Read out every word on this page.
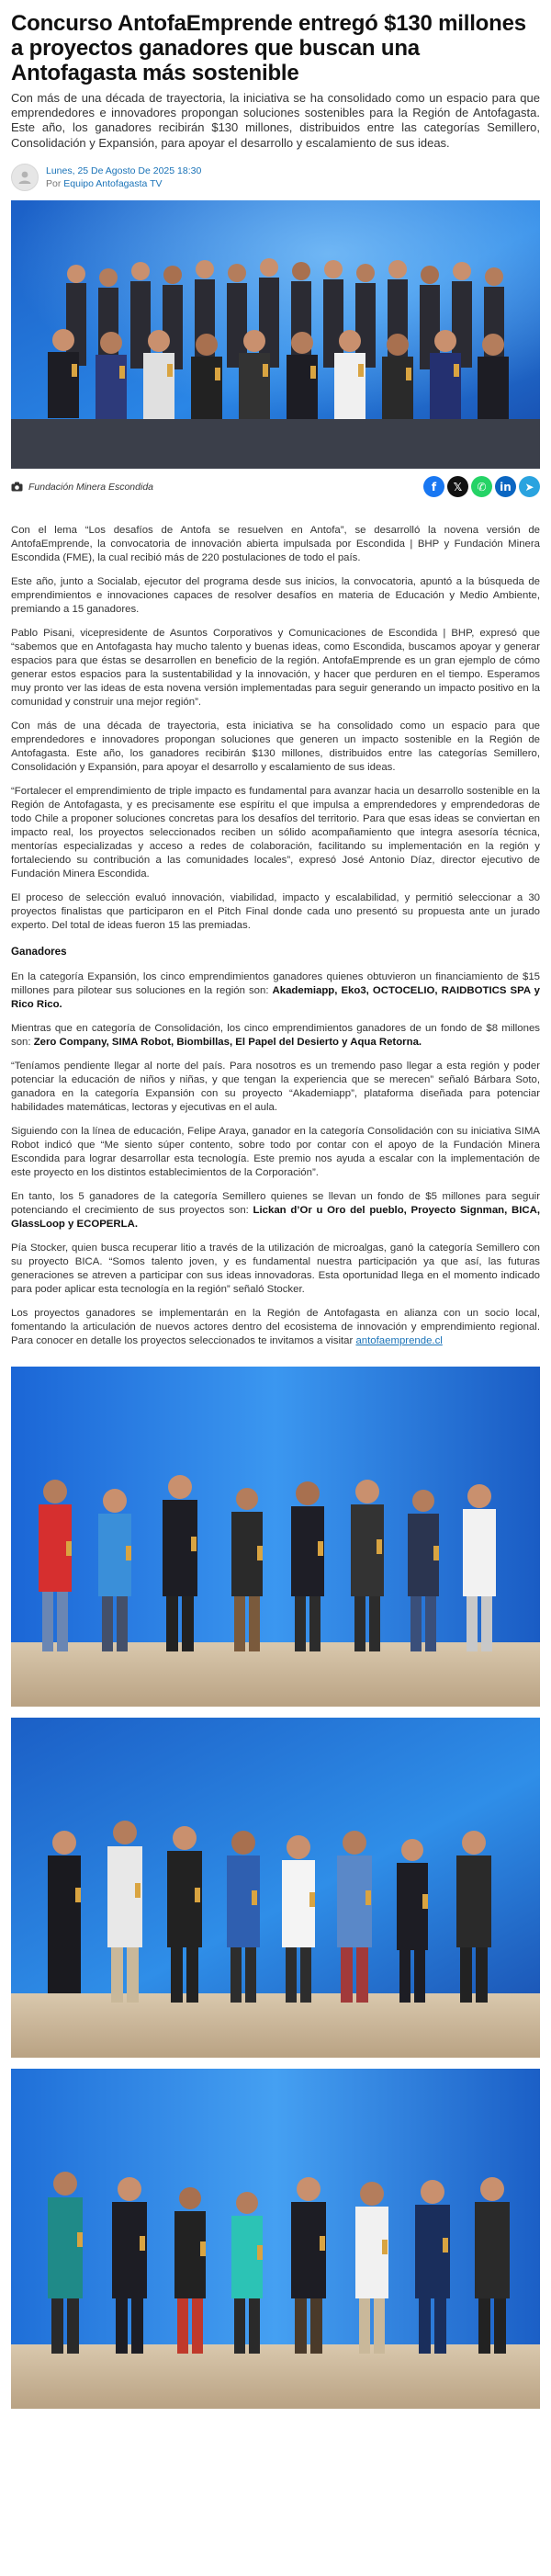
Concurso AntofaEmprende entregó $130 millones a proyectos ganadores que buscan una Antofagasta más sostenible

Con más de una década de trayectoria, la iniciativa se ha consolidado como un espacio para que emprendedores e innovadores propongan soluciones sostenibles para la Región de Antofagasta. Este año, los ganadores recibirán $130 millones, distribuidos entre las categorías Semillero, Consolidación y Expansión, para apoyar el desarrollo y escalamiento de sus ideas.

Lunes, 25 De Agosto De 2025 18:30
Por Equipo Antofagasta TV
Fundación Minera Escondida	f	𝕏	✆	in	➤

Con el lema “Los desafíos de Antofa se resuelven en Antofa”, se desarrolló la novena versión de AntofaEmprende, la convocatoria de innovación abierta impulsada por Escondida | BHP y Fundación Minera Escondida (FME), la cual recibió más de 220 postulaciones de todo el país.

Este año, junto a Socialab, ejecutor del programa desde sus inicios, la convocatoria, apuntó a la búsqueda de emprendimientos e innovaciones capaces de resolver desafíos en materia de Educación y Medio Ambiente, premiando a 15 ganadores.

Pablo Pisani, vicepresidente de Asuntos Corporativos y Comunicaciones de Escondida | BHP, expresó que “sabemos que en Antofagasta hay mucho talento y buenas ideas, como Escondida, buscamos apoyar y generar espacios para que éstas se desarrollen en beneficio de la región. AntofaEmprende es un gran ejemplo de cómo generar estos espacios para la sustentabilidad y la innovación, y hacer que perduren en el tiempo. Esperamos muy pronto ver las ideas de esta novena versión implementadas para seguir generando un impacto positivo en la comunidad y construir una mejor región”.

Con más de una década de trayectoria, esta iniciativa se ha consolidado como un espacio para que emprendedores e innovadores propongan soluciones que generen un impacto sostenible en la Región de Antofagasta. Este año, los ganadores recibirán $130 millones, distribuidos entre las categorías Semillero, Consolidación y Expansión, para apoyar el desarrollo y escalamiento de sus ideas.

“Fortalecer el emprendimiento de triple impacto es fundamental para avanzar hacia un desarrollo sostenible en la Región de Antofagasta, y es precisamente ese espíritu el que impulsa a emprendedores y emprendedoras de todo Chile a proponer soluciones concretas para los desafíos del territorio. Para que esas ideas se conviertan en impacto real, los proyectos seleccionados reciben un sólido acompañamiento que integra asesoría técnica, mentorías especializadas y acceso a redes de colaboración, facilitando su implementación en la región y fortaleciendo su contribución a las comunidades locales”, expresó José Antonio Díaz, director ejecutivo de Fundación Minera Escondida.

El proceso de selección evaluó innovación, viabilidad, impacto y escalabilidad, y permitió seleccionar a 30 proyectos finalistas que participaron en el Pitch Final donde cada uno presentó su propuesta ante un jurado experto. Del total de ideas fueron 15 las premiadas.

Ganadores

En la categoría Expansión, los cinco emprendimientos ganadores quienes obtuvieron un financiamiento de $15 millones para pilotear sus soluciones en la región son: Akademiapp, Eko3, OCTOCELIO, RAIDBOTICS SPA y Rico Rico.

Mientras que en categoría de Consolidación, los cinco emprendimientos ganadores de un fondo de $8 millones son: Zero Company, SIMA Robot, Biombillas, El Papel del Desierto y Aqua Retorna.

“Teníamos pendiente llegar al norte del país. Para nosotros es un tremendo paso llegar a esta región y poder potenciar la educación de niños y niñas, y que tengan la experiencia que se merecen” señaló Bárbara Soto, ganadora en la categoría Expansión con su proyecto “Akademiapp”, plataforma diseñada para potenciar habilidades matemáticas, lectoras y ejecutivas en el aula.

Siguiendo con la línea de educación, Felipe Araya, ganador en la categoría Consolidación con su iniciativa SIMA Robot indicó que “Me siento súper contento, sobre todo por contar con el apoyo de la Fundación Minera Escondida para lograr desarrollar esta tecnología. Este premio nos ayuda a escalar con la implementación de este proyecto en los distintos establecimientos de la Corporación”.

En tanto, los 5 ganadores de la categoría Semillero quienes se llevan un fondo de $5 millones para seguir potenciando el crecimiento de sus proyectos son: Lickan d’Or u Oro del pueblo, Proyecto Signman, BICA, GlassLoop y ECOPERLA.

Pía Stocker, quien busca recuperar litio a través de la utilización de microalgas, ganó la categoría Semillero con su proyecto BICA. “Somos talento joven, y es fundamental nuestra participación ya que así, las futuras generaciones se atreven a participar con sus ideas innovadoras. Esta oportunidad llega en el momento indicado para poder aplicar esta tecnología en la región” señaló Stocker.

Los proyectos ganadores se implementarán en la Región de Antofagasta en alianza con un socio local, fomentando la articulación de nuevos actores dentro del ecosistema de innovación y emprendimiento regional. Para conocer en detalle los proyectos seleccionados te invitamos a visitar antofaemprende.cl
